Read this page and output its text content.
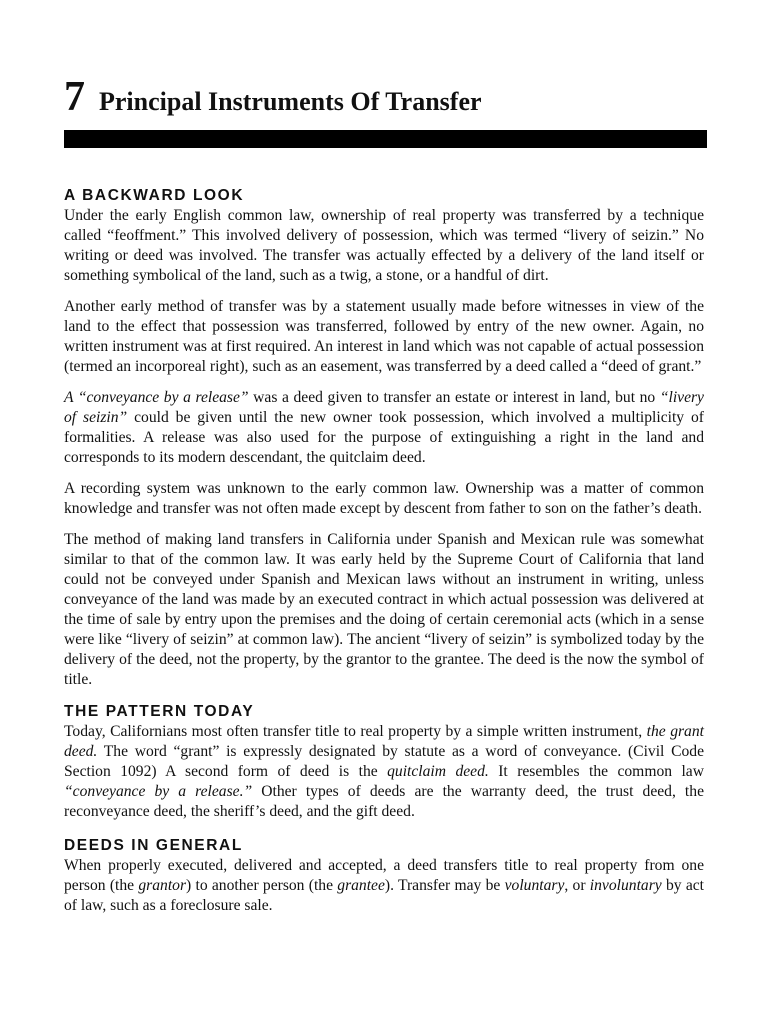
7 Principal Instruments Of Transfer
A BACKWARD LOOK

Under the early English common law, ownership of real property was transferred by a technique called “feoffment.” This involved delivery of possession, which was termed “livery of seizin.” No writing or deed was involved. The transfer was actually effected by a delivery of the land itself or something symbolical of the land, such as a twig, a stone, or a handful of dirt.

Another early method of transfer was by a statement usually made before witnesses in view of the land to the effect that possession was transferred, followed by entry of the new owner. Again, no written instrument was at first required. An interest in land which was not capable of actual possession (termed an incorporeal right), such as an easement, was transferred by a deed called a “deed of grant.”

A “conveyance by a release” was a deed given to transfer an estate or interest in land, but no “livery of seizin” could be given until the new owner took possession, which involved a multiplicity of formalities. A release was also used for the purpose of extinguishing a right in the land and corresponds to its modern descendant, the quitclaim deed.

A recording system was unknown to the early common law. Ownership was a matter of common knowledge and transfer was not often made except by descent from father to son on the father’s death.

The method of making land transfers in California under Spanish and Mexican rule was somewhat similar to that of the common law. It was early held by the Supreme Court of California that land could not be conveyed under Spanish and Mexican laws without an instrument in writing, unless conveyance of the land was made by an executed contract in which actual possession was delivered at the time of sale by entry upon the premises and the doing of certain ceremonial acts (which in a sense were like “livery of seizin” at common law). The ancient “livery of seizin” is symbolized today by the delivery of the deed, not the property, by the grantor to the grantee. The deed is the now the symbol of title.

THE PATTERN TODAY

Today, Californians most often transfer title to real property by a simple written instrument, the grant deed. The word “grant” is expressly designated by statute as a word of conveyance. (Civil Code Section 1092) A second form of deed is the quitclaim deed. It resembles the common law “conveyance by a release.” Other types of deeds are the warranty deed, the trust deed, the reconveyance deed, the sheriff’s deed, and the gift deed.

DEEDS IN GENERAL

When properly executed, delivered and accepted, a deed transfers title to real property from one person (the grantor) to another person (the grantee). Transfer may be voluntary, or involuntary by act of law, such as a foreclosure sale.
